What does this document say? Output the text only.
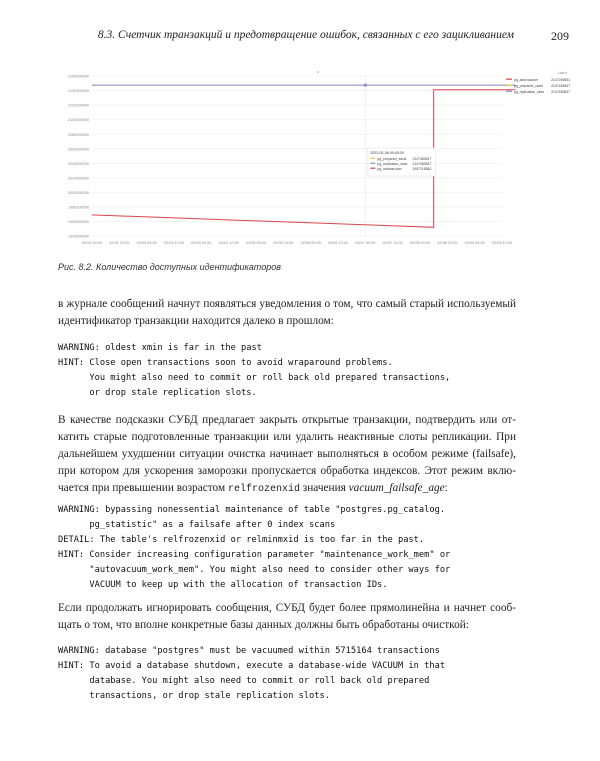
8.3. Счетчик транзакций и предотвращение ошибок, связанных с его зацикливанием	209
2160000000
2140000000
2120000000
2100000000
2080000000
2060000000
2040000000
2020000000
2000000000
1980000000
1960000000
1940000000
02/02 00:00 02/02 12:00 02/03 00:00 02/03 12:00 02/04 00:00 02/04 12:00 02/05 00:00 02/05 12:00 02/06 00:00 02/06 12:00 02/07 00:00 02/07 12:00 02/08 00:00 02/08 12:00 02/09 00:00 02/09 12:00
2022-02-08 00:00:00
pg_prepared_xacts 2147483647
pg_replication_slots 2147483647
pg_autovacuum	1957218382
Last ▾
pg_autovacuum	2147269651
pg_prepared_xacts 2147483647
pg_replication_slots 2147483647
Рис. 8.2. Количество доступных идентификаторов

в журнале сообщений начнут появляться уведомления о том, что самый старый используемый
идентификатор транзакции находится далеко в прошлом:

WARNING: oldest xmin is far in the past
HINT: Close open transactions soon to avoid wraparound problems.
You might also need to commit or roll back old prepared transactions,
or drop stale replication slots.

В качестве подсказки СУБД предлагает закрыть открытые транзакции, подтвердить или от-
катить старые подготовленные транзакции или удалить неактивные слоты репликации. При
дальнейшем ухудшении ситуации очистка начинает выполняться в особом режиме (failsafe),
при котором для ускорения заморозки пропускается обработка индексов. Этот режим вклю-
чается при превышении возрастом relfrozenxid значения vacuum_failsafe_age:

WARNING: bypassing nonessential maintenance of table "postgres.pg_catalog.
pg_statistic" as a failsafe after 0 index scans
DETAIL: The table's relfrozenxid or relminmxid is too far in the past.
HINT: Consider increasing configuration parameter "maintenance_work_mem" or
"autovacuum_work_mem". You might also need to consider other ways for
VACUUM to keep up with the allocation of transaction IDs.

Если продолжать игнорировать сообщения, СУБД будет более прямолинейна и начнет сооб-
щать о том, что вполне конкретные базы данных должны быть обработаны очисткой:

WARNING: database "postgres" must be vacuumed within 5715164 transactions
HINT: To avoid a database shutdown, execute a database-wide VACUUM in that
database. You might also need to commit or roll back old prepared
transactions, or drop stale replication slots.
